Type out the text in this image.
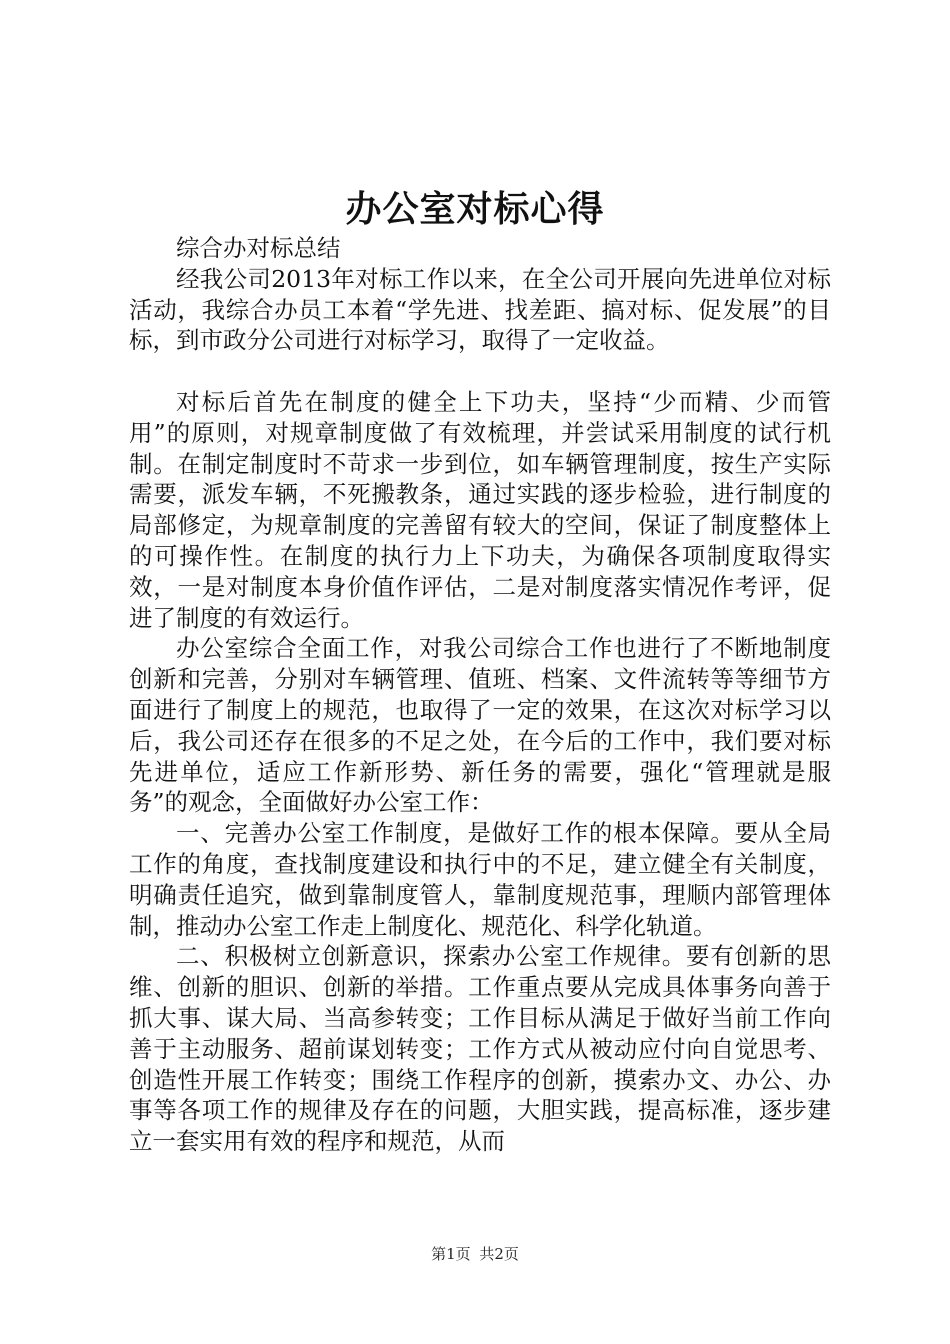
办公室对标心得

综合办对标总结

经我公司2013年对标工作以来，在全公司开展向先进单位对标活动，我综合办员工本着“学先进、找差距、搞对标、促发展”的目标，到市政分公司进行对标学习，取得了一定收益。

对标后首先在制度的健全上下功夫，坚持“少而精、少而管用”的原则，对规章制度做了有效梳理，并尝试采用制度的试行机制。在制定制度时不苛求一步到位，如车辆管理制度，按生产实际需要，派发车辆，不死搬教条，通过实践的逐步检验，进行制度的局部修定，为规章制度的完善留有较大的空间，保证了制度整体上的可操作性。在制度的执行力上下功夫，为确保各项制度取得实效，一是对制度本身价值作评估，二是对制度落实情况作考评，促进了制度的有效运行。

办公室综合全面工作，对我公司综合工作也进行了不断地制度创新和完善，分别对车辆管理、值班、档案、文件流转等等细节方面进行了制度上的规范，也取得了一定的效果，在这次对标学习以后，我公司还存在很多的不足之处，在今后的工作中，我们要对标先进单位，适应工作新形势、新任务的需要，强化“管理就是服务”的观念，全面做好办公室工作：

一、完善办公室工作制度，是做好工作的根本保障。要从全局工作的角度，查找制度建设和执行中的不足，建立健全有关制度，明确责任追究，做到靠制度管人，靠制度规范事，理顺内部管理体制，推动办公室工作走上制度化、规范化、科学化轨道。

二、积极树立创新意识，探索办公室工作规律。要有创新的思维、创新的胆识、创新的举措。工作重点要从完成具体事务向善于抓大事、谋大局、当高参转变；工作目标从满足于做好当前工作向善于主动服务、超前谋划转变；工作方式从被动应付向自觉思考、创造性开展工作转变；围绕工作程序的创新，摸索办文、办公、办事等各项工作的规律及存在的问题，大胆实践，提高标准，逐步建立一套实用有效的程序和规范，从而

第1页 共2页
